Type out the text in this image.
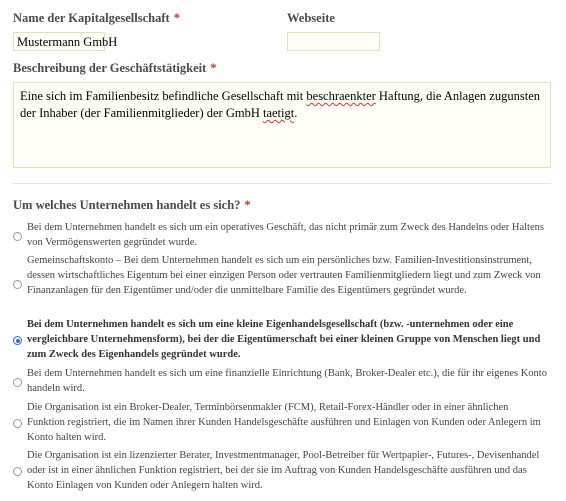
Name der Kapitalgesellschaft *
Mustermann GmbH
Webseite
Beschreibung der Geschäftstätigkeit *
Eine sich im Familienbesitz befindliche Gesellschaft mit beschraenkter Haftung, die Anlagen zugunsten der Inhaber (der Familienmitglieder) der GmbH taetigt.
Um welches Unternehmen handelt es sich? *
Bei dem Unternehmen handelt es sich um ein operatives Geschäft, das nicht primär zum Zweck des Handelns oder Haltens von Vermögenswerten gegründet wurde.
Gemeinschaftskonto – Bei dem Unternehmen handelt es sich um ein persönliches bzw. Familien-Investitionsinstrument, dessen wirtschaftliches Eigentum bei einer einzigen Person oder vertrauten Familienmitgliedern liegt und zum Zweck von Finanzanlagen für den Eigentümer und/oder die unmittelbare Familie des Eigentümers gegründet wurde.
Bei dem Unternehmen handelt es sich um eine kleine Eigenhandelsgesellschaft (bzw. -unternehmen oder eine vergleichbare Unternehmensform), bei der die Eigentümerschaft bei einer kleinen Gruppe von Menschen liegt und zum Zweck des Eigenhandels gegründet wurde.
Bei dem Unternehmen handelt es sich um eine finanzielle Einrichtung (Bank, Broker-Dealer etc.), die für ihr eigenes Konto handeln wird.
Die Organisation ist ein Broker-Dealer, Terminbörsenmakler (FCM), Retail-Forex-Händler oder in einer ähnlichen Funktion registriert, die im Namen ihrer Kunden Handelsgeschäfte ausführen und Einlagen von Kunden oder Anlegern im Konto halten wird.
Die Organisation ist ein lizenzierter Berater, Investmentmanager, Pool-Betreiber für Wertpapier-, Futures-, Devisenhandel oder ist in einer ähnlichen Funktion registriert, bei der sie im Auftrag von Kunden Handelsgeschäfte ausführen und das Konto Einlagen von Kunden oder Anlegern halten wird.
